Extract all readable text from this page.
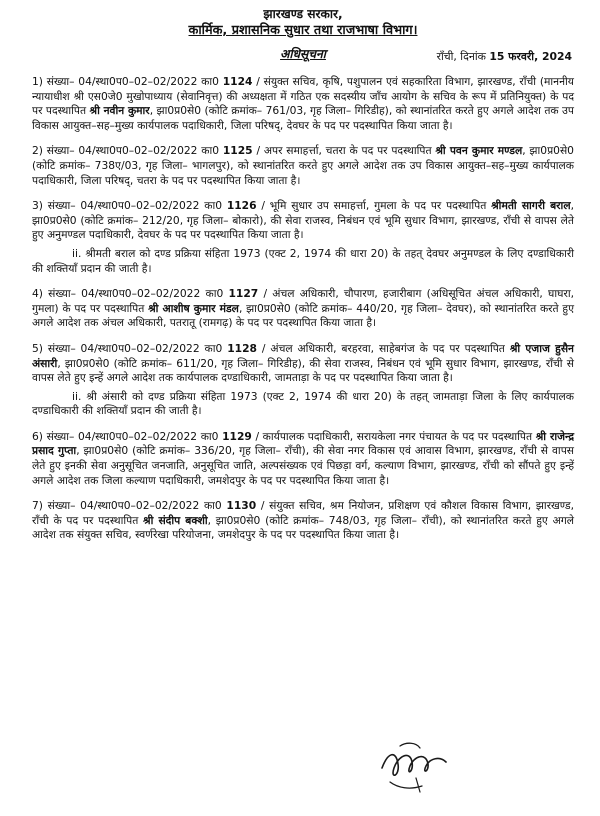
झारखण्ड सरकार,
कार्मिक, प्रशासनिक सुधार तथा राजभाषा विभाग।
अधिसूचना	राँची, दिनांक 15 फरवरी, 2024

1) संख्या– 04/स्था0प0–02–02/2022 का0 1124 / संयुक्त सचिव, कृषि, पशुपालन एवं सहकारिता विभाग, झारखण्ड, राँची (माननीय न्यायाधीश श्री एस0जे0 मुखोपाध्याय (सेवानिवृत्त) की अध्यक्षता में गठित एक सदस्यीय जाँच आयोग के सचिव के रूप में प्रतिनियुक्त) के पद पर पदस्थापित श्री नवीन कुमार, झा0प्र0से0 (कोटि क्रमांक– 761/03, गृह जिला– गिरिडीह), को स्थानांतरित करते हुए अगले आदेश तक उप विकास आयुक्त–सह–मुख्य कार्यपालक पदाधिकारी, जिला परिषद्, देवघर के पद पर पदस्थापित किया जाता है।

2) संख्या– 04/स्था0प0–02–02/2022 का0 1125 / अपर समाहर्त्ता, चतरा के पद पर पदस्थापित श्री पवन कुमार मण्डल, झा0प्र0से0 (कोटि क्रमांक– 738ए/03, गृह जिला– भागलपुर), को स्थानांतरित करते हुए अगले आदेश तक उप विकास आयुक्त–सह–मुख्य कार्यपालक पदाधिकारी, जिला परिषद्, चतरा के पद पर पदस्थापित किया जाता है।

3) संख्या– 04/स्था0प0–02–02/2022 का0 1126 / भूमि सुधार उप समाहर्त्ता, गुमला के पद पर पदस्थापित श्रीमती सागरी बराल, झा0प्र0से0 (कोटि क्रमांक– 212/20, गृह जिला– बोकारो), की सेवा राजस्व, निबंधन एवं भूमि सुधार विभाग, झारखण्ड, राँची से वापस लेते हुए अनुमण्डल पदाधिकारी, देवघर के पद पर पदस्थापित किया जाता है।

ii. श्रीमती बराल को दण्ड प्रक्रिया संहिता 1973 (एक्ट 2, 1974 की धारा 20) के तहत् देवघर अनुमण्डल के लिए दण्डाधिकारी की शक्तियाँ प्रदान की जाती है।

4) संख्या– 04/स्था0प0–02–02/2022 का0 1127 / अंचल अधिकारी, चौपारण, हजारीबाग (अधिसूचित अंचल अधिकारी, घाघरा, गुमला) के पद पर पदस्थापित श्री आशीष कुमार मंडल, झा0प्र0से0 (कोटि क्रमांक– 440/20, गृह जिला– देवघर), को स्थानांतरित करते हुए अगले आदेश तक अंचल अधिकारी, पतरातू (रामगढ़) के पद पर पदस्थापित किया जाता है।

5) संख्या– 04/स्था0प0–02–02/2022 का0 1128 / अंचल अधिकारी, बरहरवा, साहेबगंज के पद पर पदस्थापित श्री एजाज हुसैन अंसारी, झा0प्र0से0 (कोटि क्रमांक– 611/20, गृह जिला– गिरिडीह), की सेवा राजस्व, निबंधन एवं भूमि सुधार विभाग, झारखण्ड, राँची से वापस लेते हुए इन्हें अगले आदेश तक कार्यपालक दण्डाधिकारी, जामताड़ा के पद पर पदस्थापित किया जाता है।

ii. श्री अंसारी को दण्ड प्रक्रिया संहिता 1973 (एक्ट 2, 1974 की धारा 20) के तहत् जामताड़ा जिला के लिए कार्यपालक दण्डाधिकारी की शक्तियाँ प्रदान की जाती है।

6) संख्या– 04/स्था0प0–02–02/2022 का0 1129 / कार्यपालक पदाधिकारी, सरायकेला नगर पंचायत के पद पर पदस्थापित श्री राजेन्द्र प्रसाद गुप्ता, झा0प्र0से0 (कोटि क्रमांक– 336/20, गृह जिला– राँची), की सेवा नगर विकास एवं आवास विभाग, झारखण्ड, राँची से वापस लेते हुए इनकी सेवा अनुसूचित जनजाति, अनुसूचित जाति, अल्पसंख्यक एवं पिछड़ा वर्ग, कल्याण विभाग, झारखण्ड, राँची को सौंपते हुए इन्हें अगले आदेश तक जिला कल्याण पदाधिकारी, जमशेदपुर के पद पर पदस्थापित किया जाता है।

7) संख्या– 04/स्था0प0–02–02/2022 का0 1130 / संयुक्त सचिव, श्रम नियोजन, प्रशिक्षण एवं कौशल विकास विभाग, झारखण्ड, राँची के पद पर पदस्थापित श्री संदीप बक्शी, झा0प्र0से0 (कोटि क्रमांक– 748/03, गृह जिला– राँची), को स्थानांतरित करते हुए अगले आदेश तक संयुक्त सचिव, स्वर्णरेखा परियोजना, जमशेदपुर के पद पर पदस्थापित किया जाता है।
